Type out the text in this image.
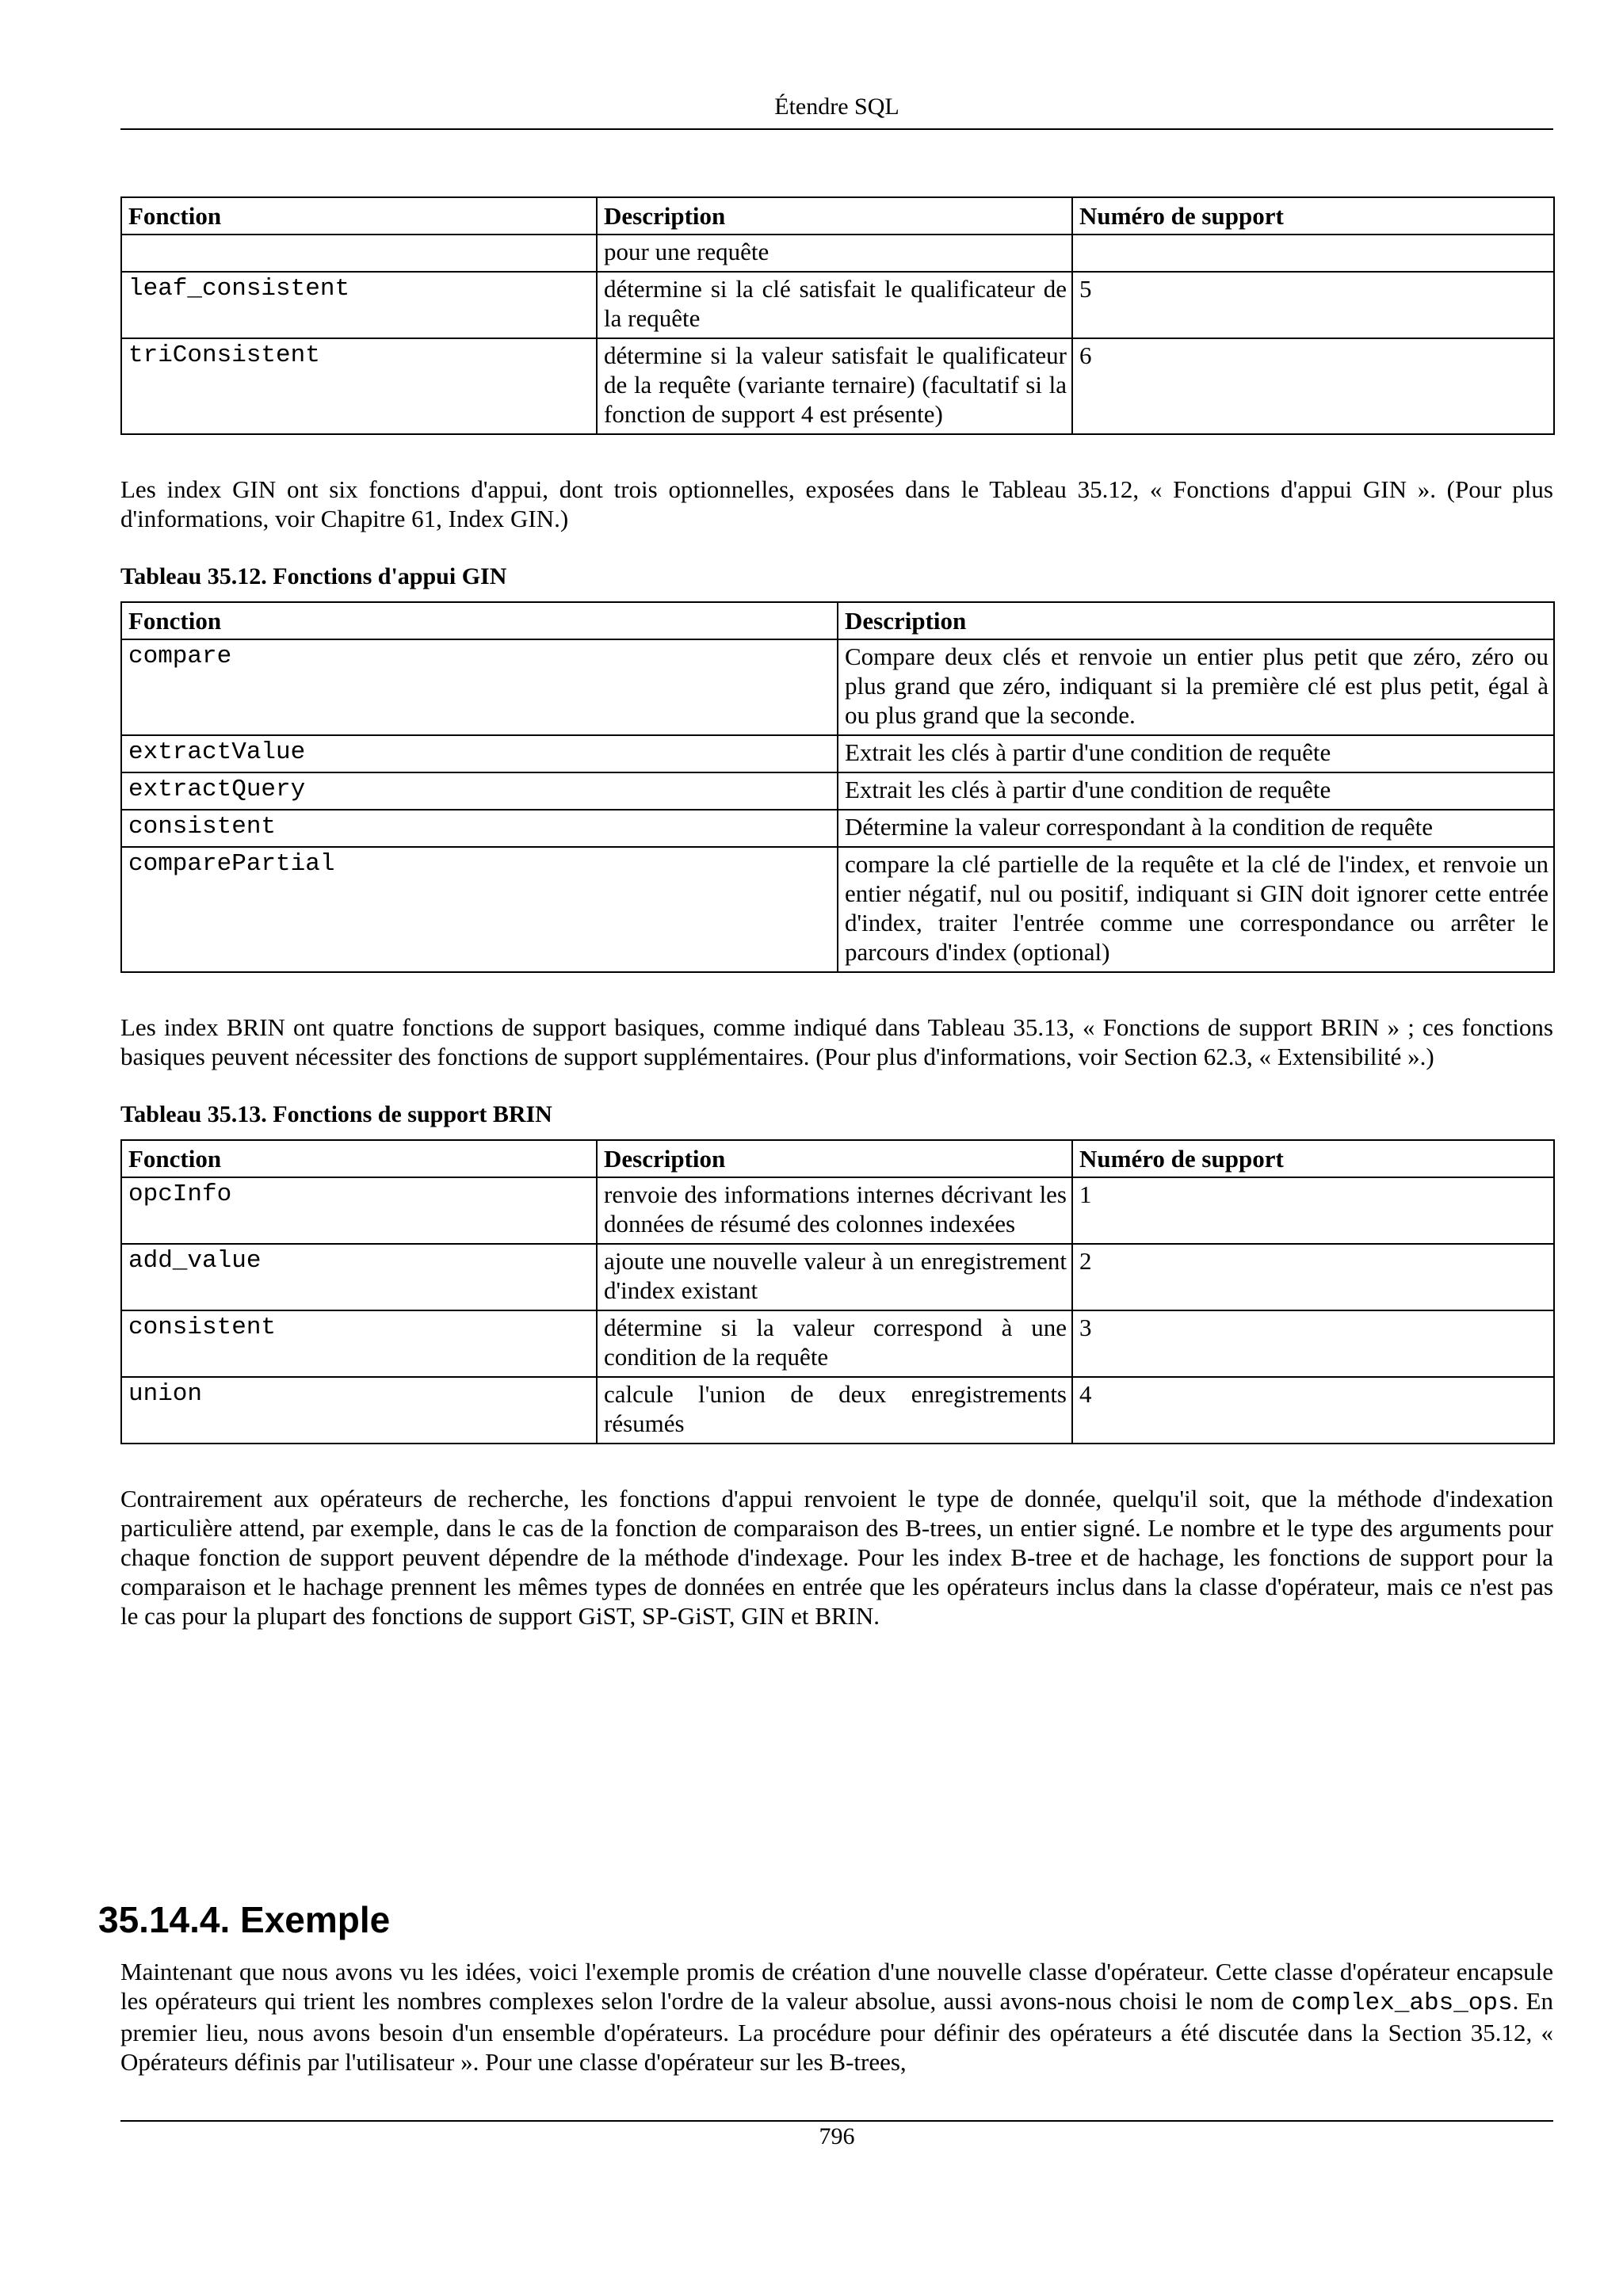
Étendre SQL
Fonction	Description	Numéro de support
	pour une requête	
leaf_consistent	détermine si la clé satisfait le qualificateur de la requête	5
triConsistent	détermine si la valeur satisfait le qualificateur de la requête (variante ternaire) (facultatif si la fonction de support 4 est présente)	6

Les index GIN ont six fonctions d'appui, dont trois optionnelles, exposées dans le Tableau 35.12, « Fonctions d'appui GIN ». (Pour plus d'informations, voir Chapitre 61, Index GIN.)

Tableau 35.12. Fonctions d'appui GIN

Fonction	Description
compare	Compare deux clés et renvoie un entier plus petit que zéro, zéro ou plus grand que zéro, indiquant si la première clé est plus petit, égal à ou plus grand que la seconde.
extractValue	Extrait les clés à partir d'une condition de requête
extractQuery	Extrait les clés à partir d'une condition de requête
consistent	Détermine la valeur correspondant à la condition de requête
comparePartial	compare la clé partielle de la requête et la clé de l'index, et renvoie un entier négatif, nul ou positif, indiquant si GIN doit ignorer cette entrée d'index, traiter l'entrée comme une correspondance ou arrêter le parcours d'index (optional)

Les index BRIN ont quatre fonctions de support basiques, comme indiqué dans Tableau 35.13, « Fonctions de support BRIN » ; ces fonctions basiques peuvent nécessiter des fonctions de support supplémentaires. (Pour plus d'informations, voir Section 62.3, « Extensibilité ».)

Tableau 35.13. Fonctions de support BRIN

Fonction	Description	Numéro de support
opcInfo	renvoie des informations internes décrivant les données de résumé des colonnes indexées	1
add_value	ajoute une nouvelle valeur à un enregistrement d'index existant	2
consistent	détermine si la valeur correspond à une condition de la requête	3
union	calcule l'union de deux enregistrements résumés	4

Contrairement aux opérateurs de recherche, les fonctions d'appui renvoient le type de donnée, quelqu'il soit, que la méthode d'indexation particulière attend, par exemple, dans le cas de la fonction de comparaison des B-trees, un entier signé. Le nombre et le type des arguments pour chaque fonction de support peuvent dépendre de la méthode d'indexage. Pour les index B-tree et de hachage, les fonctions de support pour la comparaison et le hachage prennent les mêmes types de données en entrée que les opérateurs inclus dans la classe d'opérateur, mais ce n'est pas le cas pour la plupart des fonctions de support GiST, SP-GiST, GIN et BRIN.

35.14.4. Exemple

Maintenant que nous avons vu les idées, voici l'exemple promis de création d'une nouvelle classe d'opérateur. Cette classe d'opérateur encapsule les opérateurs qui trient les nombres complexes selon l'ordre de la valeur absolue, aussi avons-nous choisi le nom de complex_abs_ops. En premier lieu, nous avons besoin d'un ensemble d'opérateurs. La procédure pour définir des opérateurs a été discutée dans la Section 35.12, « Opérateurs définis par l'utilisateur ». Pour une classe d'opérateur sur les B-trees,

796
